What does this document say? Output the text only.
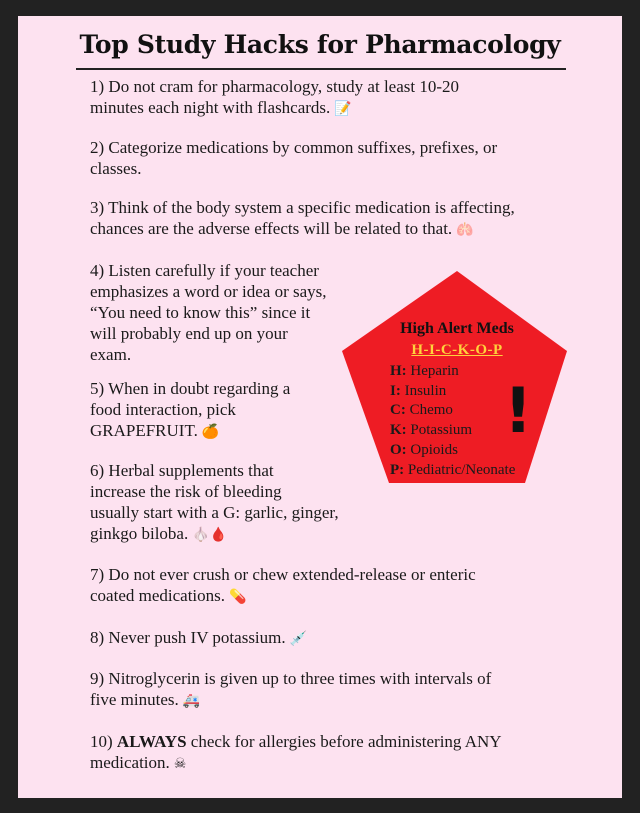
Top Study Hacks for Pharmacology
1) Do not cram for pharmacology, study at least 10-20
minutes each night with flashcards. 📝
2) Categorize medications by common suffixes, prefixes, or
classes.
3) Think of the body system a specific medication is affecting,
chances are the adverse effects will be related to that. 🫁
4) Listen carefully if your teacher
emphasizes a word or idea or says,
“You need to know this” since it
will probably end up on your
exam.
5) When in doubt regarding a
food interaction, pick
GRAPEFRUIT. 🍊
6) Herbal supplements that
increase the risk of bleeding
usually start with a G: garlic, ginger,
ginkgo biloba. 🧄🩸
7) Do not ever crush or chew extended-release or enteric
coated medications. 💊
8) Never push IV potassium. 💉
9) Nitroglycerin is given up to three times with intervals of
five minutes. 🚑
10) ALWAYS check for allergies before administering ANY
medication. ☠
High Alert Meds
H-I-C-K-O-P
H: Heparin
I: Insulin
C: Chemo
K: Potassium
O: Opioids
P: Pediatric/Neonate
!
